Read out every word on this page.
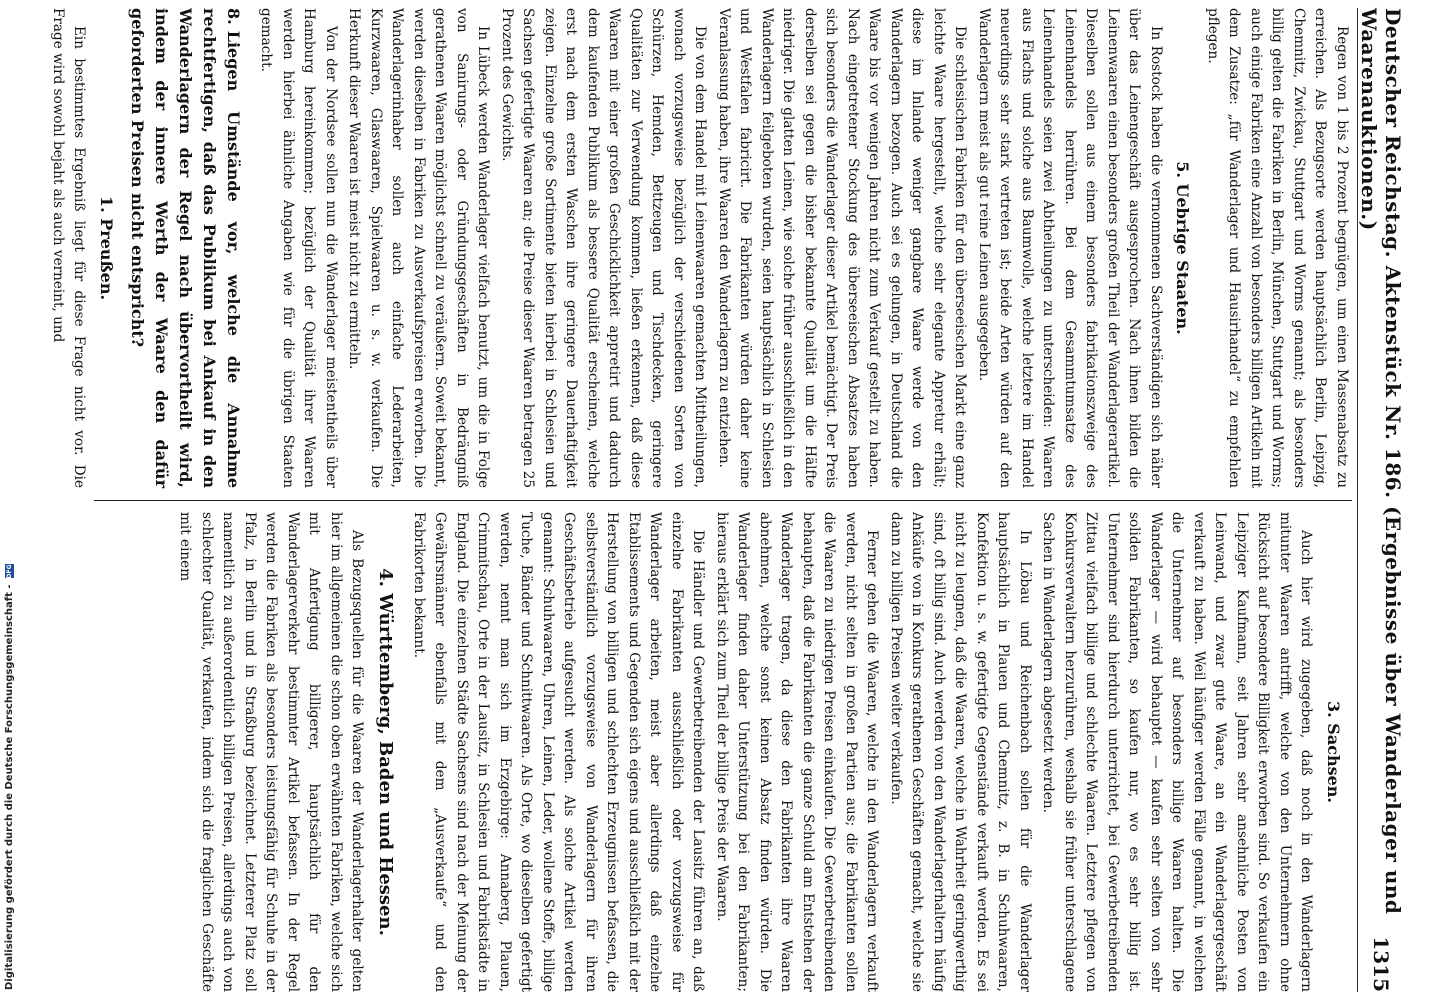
Digitalisierung gefördert durch die Deutsche Forschungsgemeinschaft -
DFG	Deutscher Reichstag. Aktenstück Nr. 186. (Ergebnisse über Wanderlager und Waarenauktionen.)
1315

Regen von 1 bis 2 Prozent begnügen, um einen Massenabsatz zu erreichen. Als Bezugsorte werden hauptsächlich Berlin, Leipzig, Chemnitz, Zwickau, Stuttgart und Worms genannt; als besonders billig gelten die Fabriken in Berlin, München, Stuttgart und Worms; auch einige Fabriken eine Anzahl von besonders billigen Artikeln mit dem Zusatze: „für Wanderlager und Hausirhandel“ zu empfehlen pflegen.

5. Uebrige Staaten.

In Rostock haben die vernommenen Sachverständigen sich näher über das Leinengeschäft ausgesprochen. Nach ihnen bilden die Leinenwaaren einen besonders großen Theil der Wanderlagerartikel. Dieselben sollen aus einem besonders fabrikationszweige des Leinenhandels herrühren. Bei dem Gesammtumsatze des Leinenhandels seien zwei Abtheilungen zu unterscheiden: Waaren aus Flachs und solche aus Baumwolle, welche letztere im Handel neuerdings sehr stark vertreten ist; beide Arten würden auf den Wanderlagern meist als gut reine Leinen ausgegeben.

Die schlesischen Fabriken für den überseeischen Markt eine ganz leichte Waare hergestellt, welche sehr elegante Appretur erhält; diese im Inlande weniger gangbare Waare werde von den Wanderlagern bezogen. Auch sei es gelungen, in Deutschland die Waare bis vor wenigen Jahren nicht zum Verkauf gestellt zu haben. Nach eingetretener Stockung des überseeischen Absatzes haben sich besonders die Wanderlager dieser Artikel bemächtigt. Der Preis derselben sei gegen die bisher bekannte Qualität um die Hälfte niedriger. Die glatten Leinen, wie solche früher ausschließlich in den Wanderlagern feilgeboten wurden, seien hauptsächlich in Schlesien und Westfalen fabricirt. Die Fabrikanten würden daher keine Veranlassung haben, ihre Waaren den Wanderlagern zu entziehen.

Die von dem Handel mit Leinenwaaren gemachten Mittheilungen, wonach vorzugsweise bezüglich der verschiedenen Sorten von Schürzen, Hemden, Bettzeugen und Tischdecken, geringere Qualitäten zur Verwendung kommen, ließen erkennen, daß diese Waaren mit einer großen Geschicklichkeit appretirt und dadurch dem kaufenden Publikum als bessere Qualität erscheinen, welche erst nach dem ersten Waschen ihre geringere Dauerhaftigkeit zeigen. Einzelne große Sortimente bieten hierbei in Schlesien und Sachsen gefertigte Waaren an; die Preise dieser Waaren betragen 25 Prozent des Gewichts.

In Lübeck werden Wanderlager vielfach benutzt, um die in Folge von Sanirungs- oder Gründungsgeschäften in Bedrängniß gerathenen Waaren möglichst schnell zu veräußern. Soweit bekannt, werden dieselben in Fabriken zu Ausverkaufspreisen erworben. Die Wanderlagerinhaber sollen auch einfache Lederarbeiten, Kurzwaaren, Glaswaaren, Spielwaaren u. s. w. verkaufen. Die Herkunft dieser Waaren ist meist nicht zu ermitteln.

Von der Nordsee sollen nun die Wanderlager meistentheils über Hamburg hereinkommen; bezüglich der Qualität ihrer Waaren werden hierbei ähnliche Angaben wie für die übrigen Staaten gemacht.

8.Liegen Umstände vor, welche die Annahme rechtfertigen, daß das Publikum bei Ankauf in den Wanderlagern der Regel nach übervortheilt wird, indem der innere Werth der Waare den dafür geforderten Preisen nicht entspricht?
1. Preußen.

Ein bestimmtes Ergebniß liegt für diese Frage nicht vor. Die Frage wird sowohl bejaht als auch verneint, und

3. Sachsen.

Auch hier wird zugegeben, daß noch in den Wanderlagern mitunter Waaren antrifft, welche von den Unternehmern ohne Rücksicht auf besondere Billigkeit erworben sind. So verkaufen ein Leipziger Kaufmann, seit Jahren sehr ansehnliche Posten von Leinwand, und zwar gute Waare, an ein Wanderlagergeschäft verkauft zu haben. Weil häufiger werden Fälle genannt, in welchen die Unternehmer auf besonders billige Waaren halten. Die Wanderlager — wird behauptet — kaufen sehr selten von sehr soliden Fabrikanten, so kaufen nur, wo es sehr billig ist. Unternehmer sind hierdurch unterrichtet, bei Gewerbetreibenden Zittau vielfach billige und schlechte Waaren. Letztere pflegen von Konkursverwaltern herzurühren, weshalb sie früher unterschlagene Sachen in Wanderlagern abgesetzt werden.

In Löbau und Reichenbach sollen für die Wanderlager hauptsächlich in Plauen und Chemnitz, z. B. in Schuhwaaren, Konfektion u. s. w. gefertigte Gegenstände verkauft werden. Es sei nicht zu leugnen, daß die Waaren, welche in Wahrheit geringwerthig sind, oft billig sind. Auch werden von den Wanderlagerhaltern häufig Ankäufe von in Konkurs gerathenen Geschäften gemacht, welche sie dann zu billigen Preisen weiter verkaufen.

Ferner gehen die Waaren, welche in den Wanderlagern verkauft werden, nicht selten in großen Partien aus; die Fabrikanten sollen die Waaren zu niedrigen Preisen einkaufen. Die Gewerbetreibenden behaupten, daß die Fabrikanten die ganze Schuld am Entstehen der Wanderlager tragen, da diese den Fabrikanten ihre Waaren abnehmen, welche sonst keinen Absatz finden würden. Die Wanderlager finden daher Unterstützung bei den Fabrikanten; hieraus erklärt sich zum Theil der billige Preis der Waaren.

Die Händler und Gewerbetreibenden der Lausitz führen an, daß einzelne Fabrikanten ausschließlich oder vorzugsweise für Wanderlager arbeiten, meist aber allerdings daß einzelne Etablissements und Gegenden sich eigens und ausschließlich mit der Herstellung von billigen und schlechten Erzeugnissen befassen, die selbstverständlich vorzugsweise von Wanderlagern für ihren Geschäftsbetrieb aufgesucht werden. Als solche Artikel werden genannt: Schuhwaaren, Uhren, Leinen, Leder, wollene Stoffe, billige Tuche, Bänder und Schnittwaaren. Als Orte, wo dieselben gefertigt werden, nennt man sich im Erzgebirge: Annaberg, Plauen, Crimmitschau, Orte in der Lausitz, in Schlesien und Fabrikstädte in England. Die einzelnen Städte Sachsens sind nach der Meinung der Gewährsmänner ebenfalls mit dem „Ausverkaufe“ und den Fabrikorten bekannt.

4. Württemberg, Baden und Hessen.

Als Bezugsquellen für die Waaren der Wanderlagerhalter gelten hier im allgemeinen die schon oben erwähnten Fabriken, welche sich mit Anfertigung billigerer, hauptsächlich für den Wanderlagerverkehr bestimmter Artikel befassen. In der Regel werden die Fabriken als besonders leistungsfähig für Schuhe in der Pfalz, in Berlin und in Straßburg bezeichnet. Letzterer Platz soll namentlich zu außerordentlich billigen Preisen, allerdings auch von schlechter Qualität, verkaufen, indem sich die fraglichen Geschäfte mit einem
